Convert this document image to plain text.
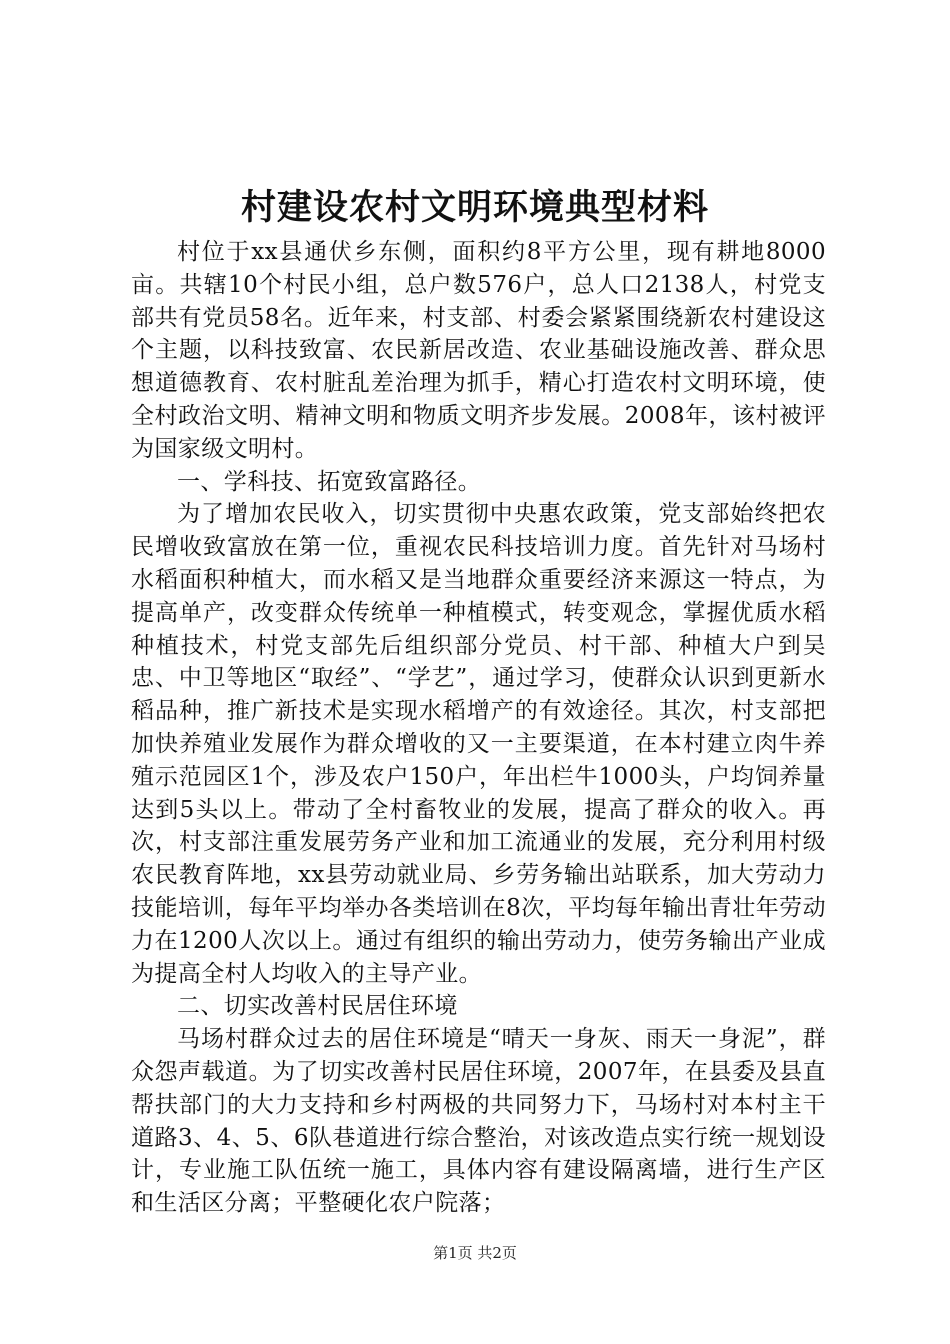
村建设农村文明环境典型材料

村位于xx县通伏乡东侧，面积约8平方公里，现有耕地8000亩。共辖10个村民小组，总户数576户，总人口2138人，村党支部共有党员58名。近年来，村支部、村委会紧紧围绕新农村建设这个主题，以科技致富、农民新居改造、农业基础设施改善、群众思想道德教育、农村脏乱差治理为抓手，精心打造农村文明环境，使全村政治文明、精神文明和物质文明齐步发展。2008年，该村被评为国家级文明村。

一、学科技、拓宽致富路径。

为了增加农民收入，切实贯彻中央惠农政策，党支部始终把农民增收致富放在第一位，重视农民科技培训力度。首先针对马场村水稻面积种植大，而水稻又是当地群众重要经济来源这一特点，为提高单产，改变群众传统单一种植模式，转变观念，掌握优质水稻种植技术，村党支部先后组织部分党员、村干部、种植大户到吴忠、中卫等地区“取经”、“学艺”，通过学习，使群众认识到更新水稻品种，推广新技术是实现水稻增产的有效途径。其次，村支部把加快养殖业发展作为群众增收的又一主要渠道，在本村建立肉牛养殖示范园区1个，涉及农户150户，年出栏牛1000头，户均饲养量达到5头以上。带动了全村畜牧业的发展，提高了群众的收入。再次，村支部注重发展劳务产业和加工流通业的发展，充分利用村级农民教育阵地，xx县劳动就业局、乡劳务输出站联系，加大劳动力技能培训，每年平均举办各类培训在8次，平均每年输出青壮年劳动力在1200人次以上。通过有组织的输出劳动力，使劳务输出产业成为提高全村人均收入的主导产业。

二、切实改善村民居住环境

马场村群众过去的居住环境是“晴天一身灰、雨天一身泥”，群众怨声载道。为了切实改善村民居住环境，2007年，在县委及县直帮扶部门的大力支持和乡村两极的共同努力下，马场村对本村主干道路3、4、5、6队巷道进行综合整治，对该改造点实行统一规划设计，专业施工队伍统一施工，具体内容有建设隔离墙，进行生产区和生活区分离；平整硬化农户院落；

第1页 共2页
